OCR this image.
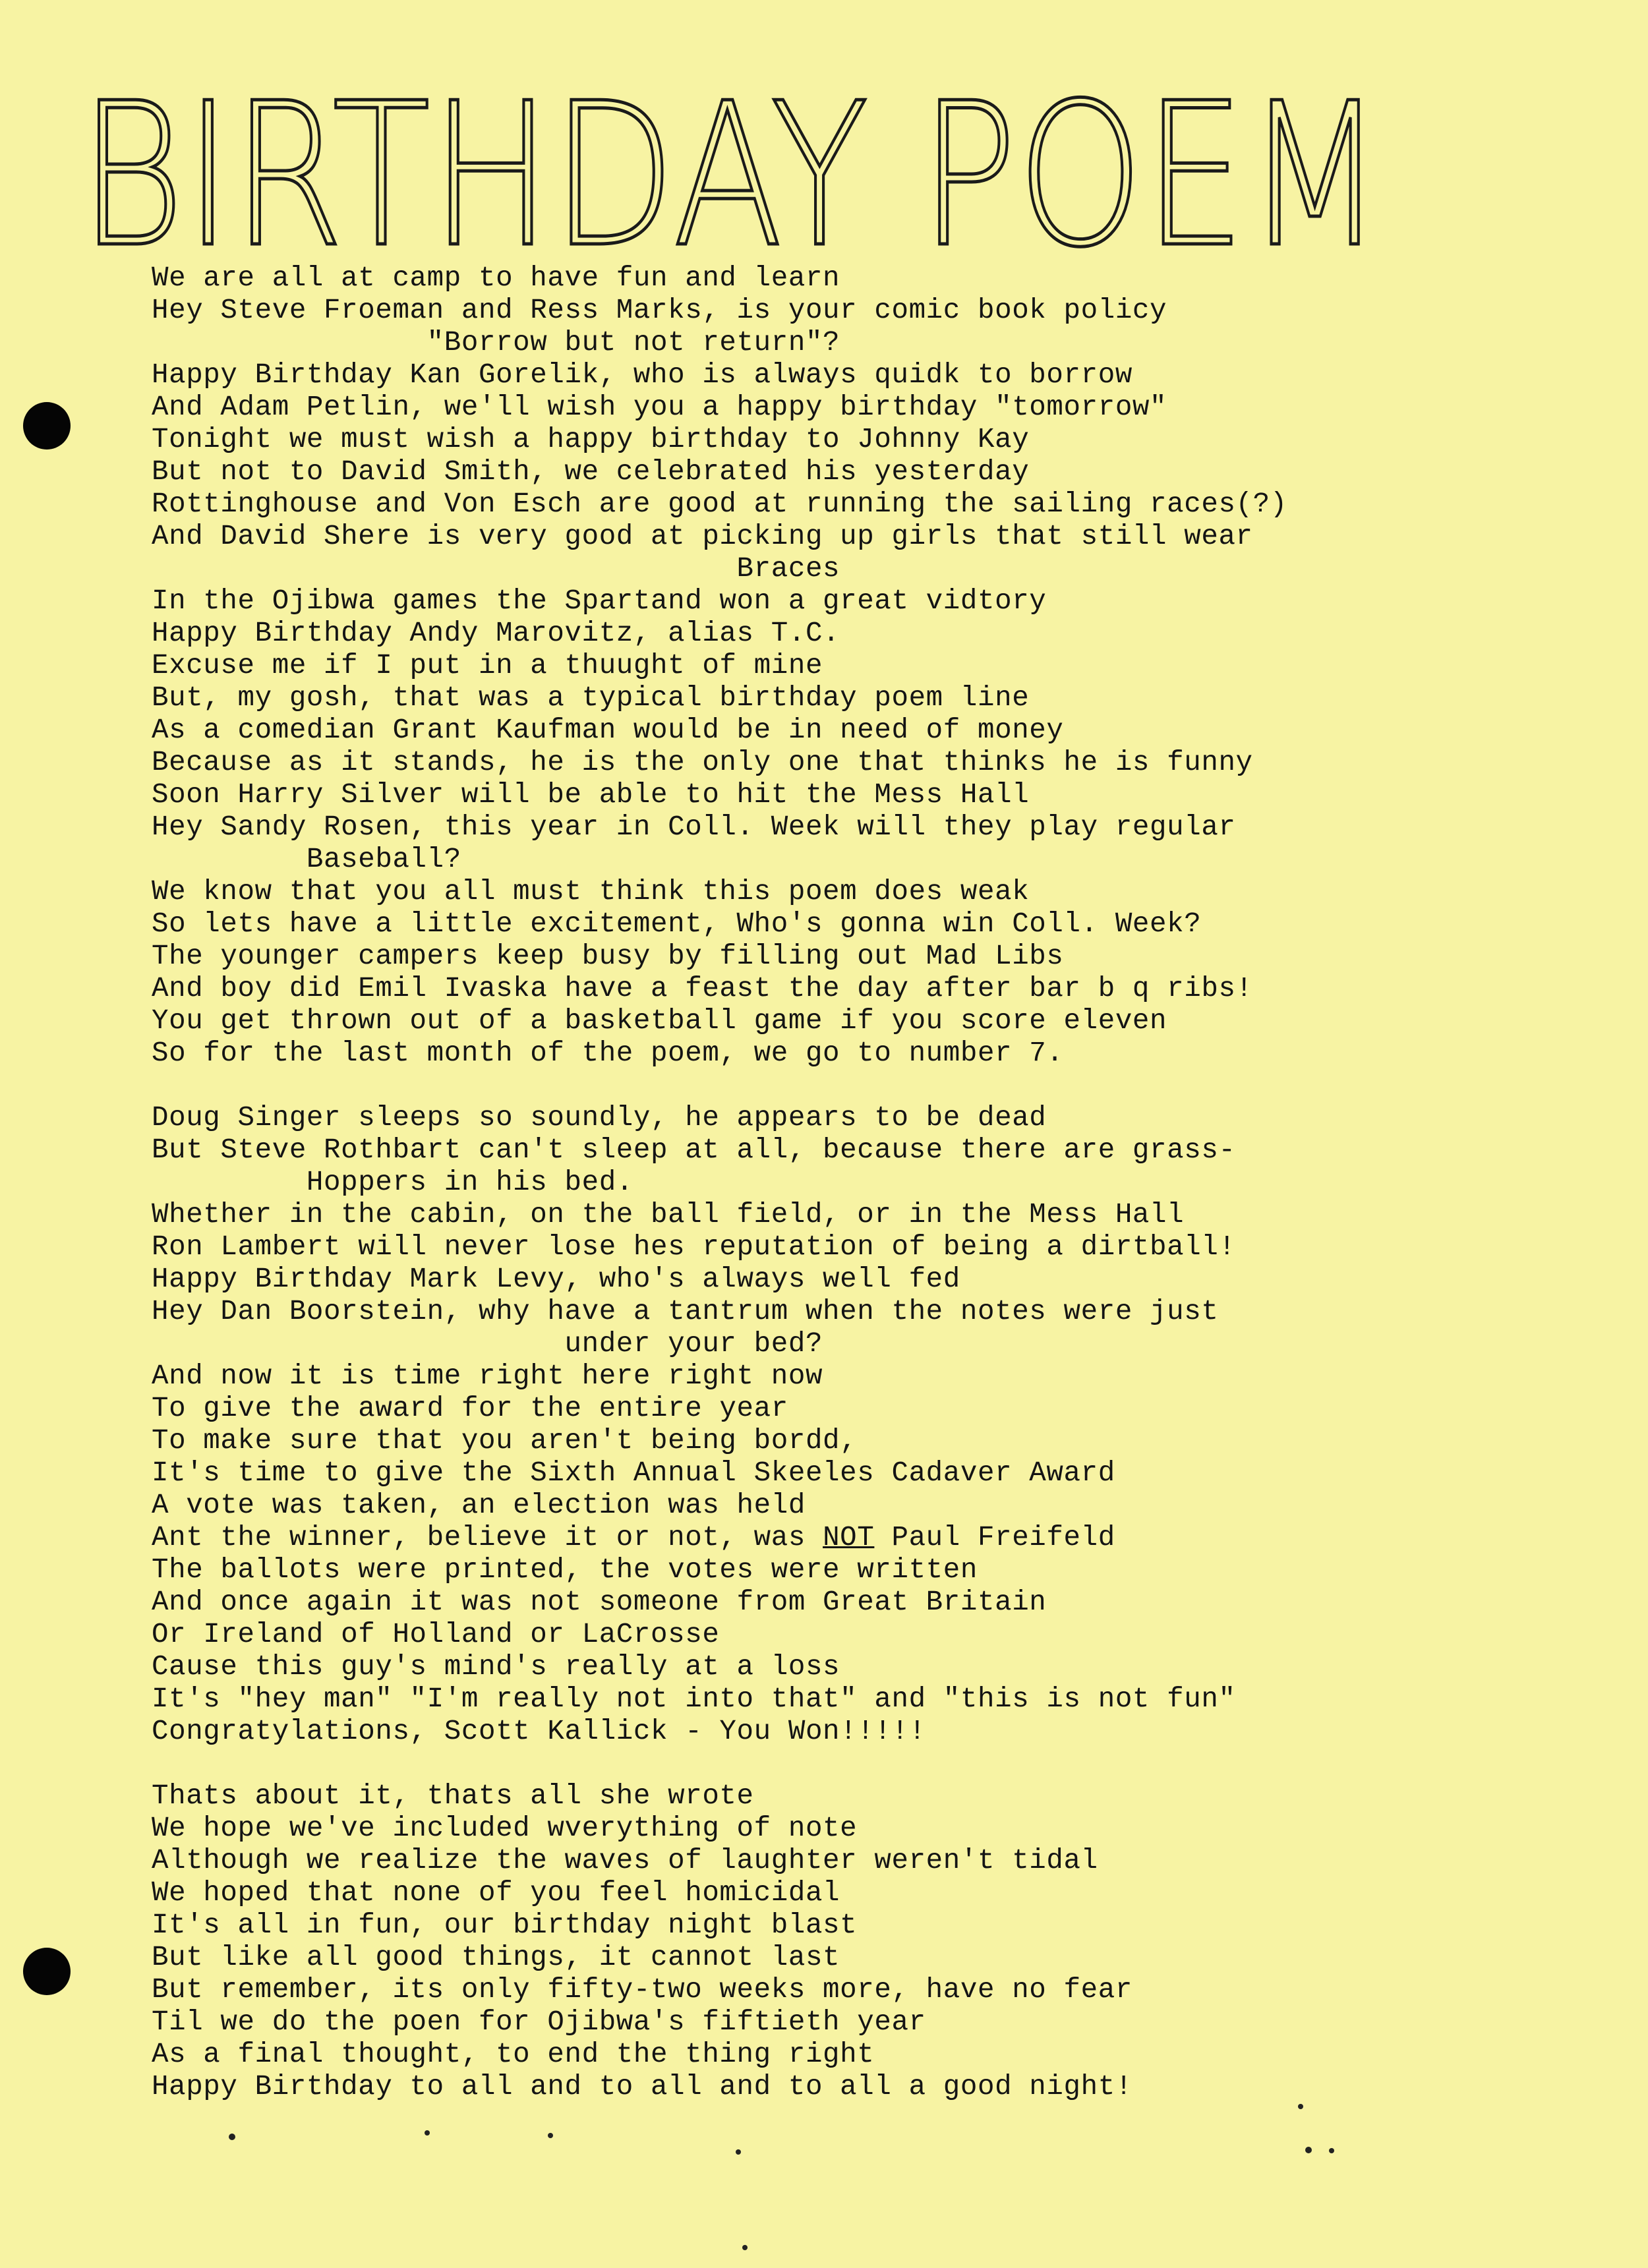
BIRTHDAY POEM
We are all at camp to have fun and learn
Hey Steve Froeman and Ress Marks, is your comic book policy
"Borrow but not return"?
Happy Birthday Kan Gorelik, who is always quidk to borrow
And Adam Petlin, we'll wish you a happy birthday "tomorrow"
Tonight we must wish a happy birthday to Johnny Kay
But not to David Smith, we celebrated his yesterday
Rottinghouse and Von Esch are good at running the sailing races(?)
And David Shere is very good at picking up girls that still wear
Braces
In the Ojibwa games the Spartand won a great vidtory
Happy Birthday Andy Marovitz, alias T.C.
Excuse me if I put in a thuught of mine
But, my gosh, that was a typical birthday poem line
As a comedian Grant Kaufman would be in need of money
Because as it stands, he is the only one that thinks he is funny
Soon Harry Silver will be able to hit the Mess Hall
Hey Sandy Rosen, this year in Coll. Week will they play regular
Baseball?
We know that you all must think this poem does weak
So lets have a little excitement, Who's gonna win Coll. Week?
The younger campers keep busy by filling out Mad Libs
And boy did Emil Ivaska have a feast the day after bar b q ribs!
You get thrown out of a basketball game if you score eleven
So for the last month of the poem, we go to number 7.
Doug Singer sleeps so soundly, he appears to be dead
But Steve Rothbart can't sleep at all, because there are grass-
Hoppers in his bed.
Whether in the cabin, on the ball field, or in the Mess Hall
Ron Lambert will never lose hes reputation of being a dirtball!
Happy Birthday Mark Levy, who's always well fed
Hey Dan Boorstein, why have a tantrum when the notes were just
under your bed?
And now it is time right here right now
To give the award for the entire year
To make sure that you aren't being bordd,
It's time to give the Sixth Annual Skeeles Cadaver Award
A vote was taken, an election was held
Ant the winner, believe it or not, was NOT Paul Freifeld
The ballots were printed, the votes were written
And once again it was not someone from Great Britain
Or Ireland of Holland or LaCrosse
Cause this guy's mind's really at a loss
It's "hey man" "I'm really not into that" and "this is not fun"
Congratylations, Scott Kallick - You Won!!!!!
Thats about it, thats all she wrote
We hope we've included wverything of note
Although we realize the waves of laughter weren't tidal
We hoped that none of you feel homicidal
It's all in fun, our birthday night blast
But like all good things, it cannot last
But remember, its only fifty-two weeks more, have no fear
Til we do the poen for Ojibwa's fiftieth year
As a final thought, to end the thing right
Happy Birthday to all and to all and to all a good night!
